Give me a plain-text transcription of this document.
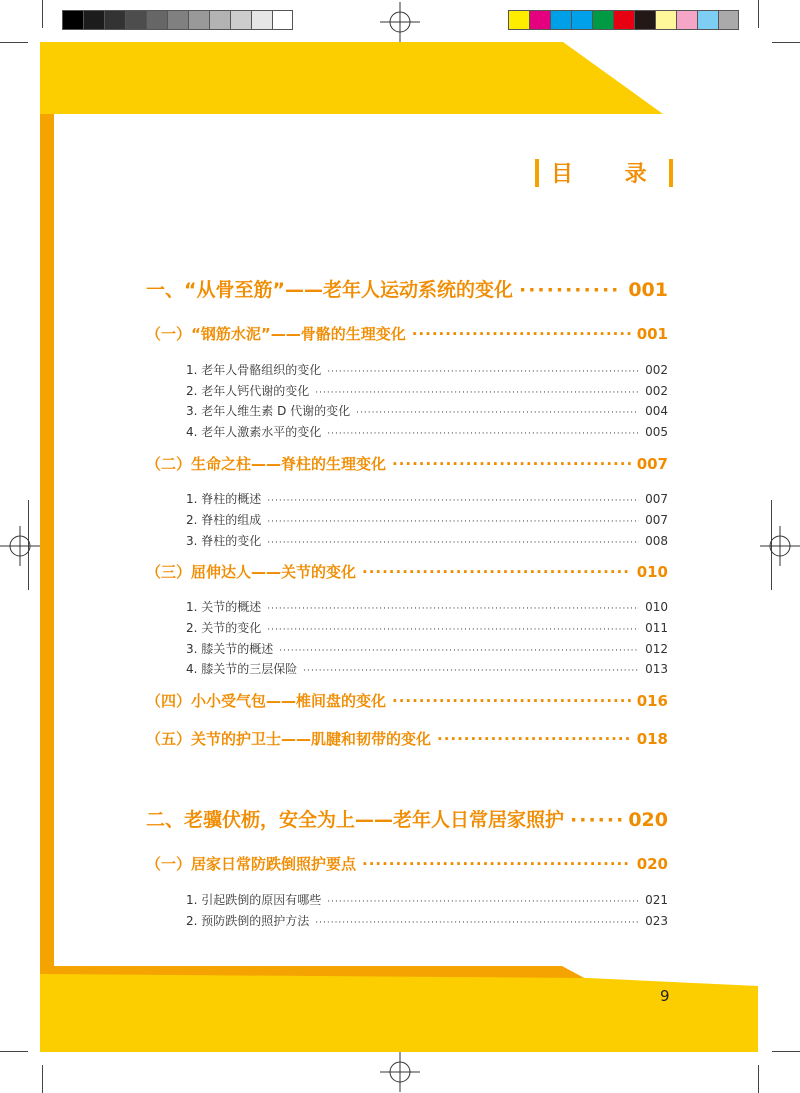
目 录
一、“从骨至筋”——老年人运动系统的变化 ·····	001
（一）“钢筋水泥”——骨骼的生理变化 ·····	001
1. 老年人骨骼组织的变化 ·····	002
2. 老年人钙代谢的变化 ·····	002
3. 老年人维生素 D 代谢的变化 ·····	004
4. 老年人激素水平的变化 ·····	005
（二）生命之柱——脊柱的生理变化 ·····	007
1. 脊柱的概述 ·····	007
2. 脊柱的组成 ·····	007
3. 脊柱的变化 ·····	008
（三）屈伸达人——关节的变化 ·····	010
1. 关节的概述 ·····	010
2. 关节的变化 ·····	011
3. 膝关节的概述 ·····	012
4. 膝关节的三层保险 ·····	013
（四）小小受气包——椎间盘的变化 ·····	016
（五）关节的护卫士——肌腱和韧带的变化 ·····	018
二、老骥伏枥，安全为上——老年人日常居家照护 ·····	020
（一）居家日常防跌倒照护要点 ·····	020
1. 引起跌倒的原因有哪些 ·····	021
2. 预防跌倒的照护方法 ·····	023
9
